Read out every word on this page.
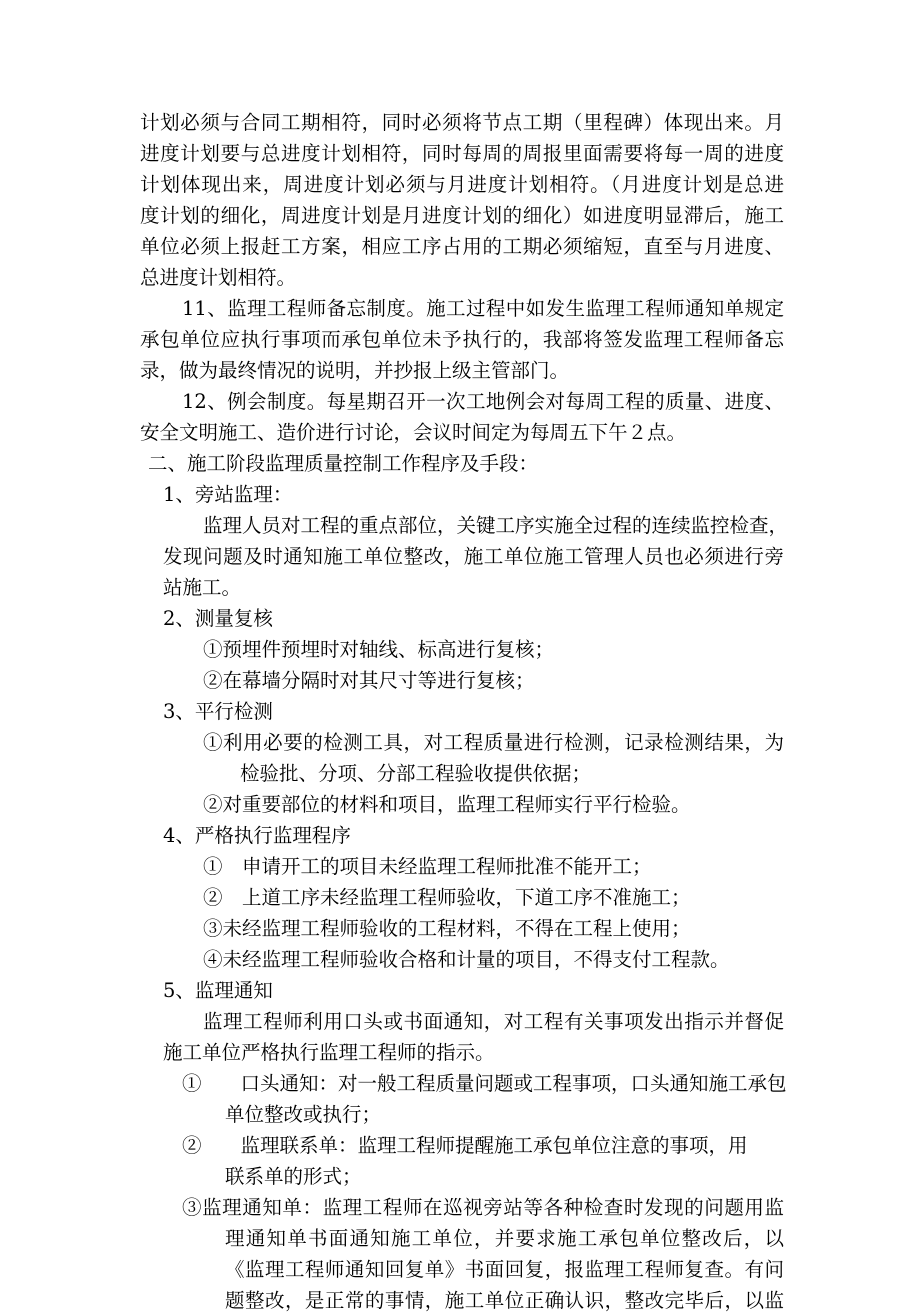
计划必须与合同工期相符，同时必须将节点工期（里程碑）体现出来。月

进度计划要与总进度计划相符，同时每周的周报里面需要将每一周的进度

计划体现出来，周进度计划必须与月进度计划相符。（月进度计划是总进

度计划的细化，周进度计划是月进度计划的细化）如进度明显滞后，施工

单位必须上报赶工方案，相应工序占用的工期必须缩短，直至与月进度、

总进度计划相符。

11、监理工程师备忘制度。施工过程中如发生监理工程师通知单规定

承包单位应执行事项而承包单位未予执行的，我部将签发监理工程师备忘

录，做为最终情况的说明，并抄报上级主管部门。

12、例会制度。每星期召开一次工地例会对每周工程的质量、进度、

安全文明施工、造价进行讨论，会议时间定为每周五下午２点。

二、施工阶段监理质量控制工作程序及手段：

1、旁站监理：

监理人员对工程的重点部位，关键工序实施全过程的连续监控检查，

发现问题及时通知施工单位整改，施工单位施工管理人员也必须进行旁

站施工。

2、测量复核

①预埋件预埋时对轴线、标高进行复核；

②在幕墙分隔时对其尺寸等进行复核；

3、平行检测

①利用必要的检测工具，对工程质量进行检测，记录检测结果，为

检验批、分项、分部工程验收提供依据；

②对重要部位的材料和项目，监理工程师实行平行检验。

4、严格执行监理程序

①　申请开工的项目未经监理工程师批准不能开工；

②　上道工序未经监理工程师验收，下道工序不准施工；

③未经监理工程师验收的工程材料，不得在工程上使用；

④未经监理工程师验收合格和计量的项目，不得支付工程款。

5、监理通知

监理工程师利用口头或书面通知，对工程有关事项发出指示并督促

施工单位严格执行监理工程师的指示。

①　　口头通知：对一般工程质量问题或工程事项，口头通知施工承包

单位整改或执行；

②　　监理联系单：监理工程师提醒施工承包单位注意的事项，用

联系单的形式；

③监理通知单：监理工程师在巡视旁站等各种检查时发现的问题用监

理通知单书面通知施工单位，并要求施工承包单位整改后，以

《监理工程师通知回复单》书面回复，报监理工程师复查。有问

题整改，是正常的事情，施工单位正确认识，整改完毕后，以监
